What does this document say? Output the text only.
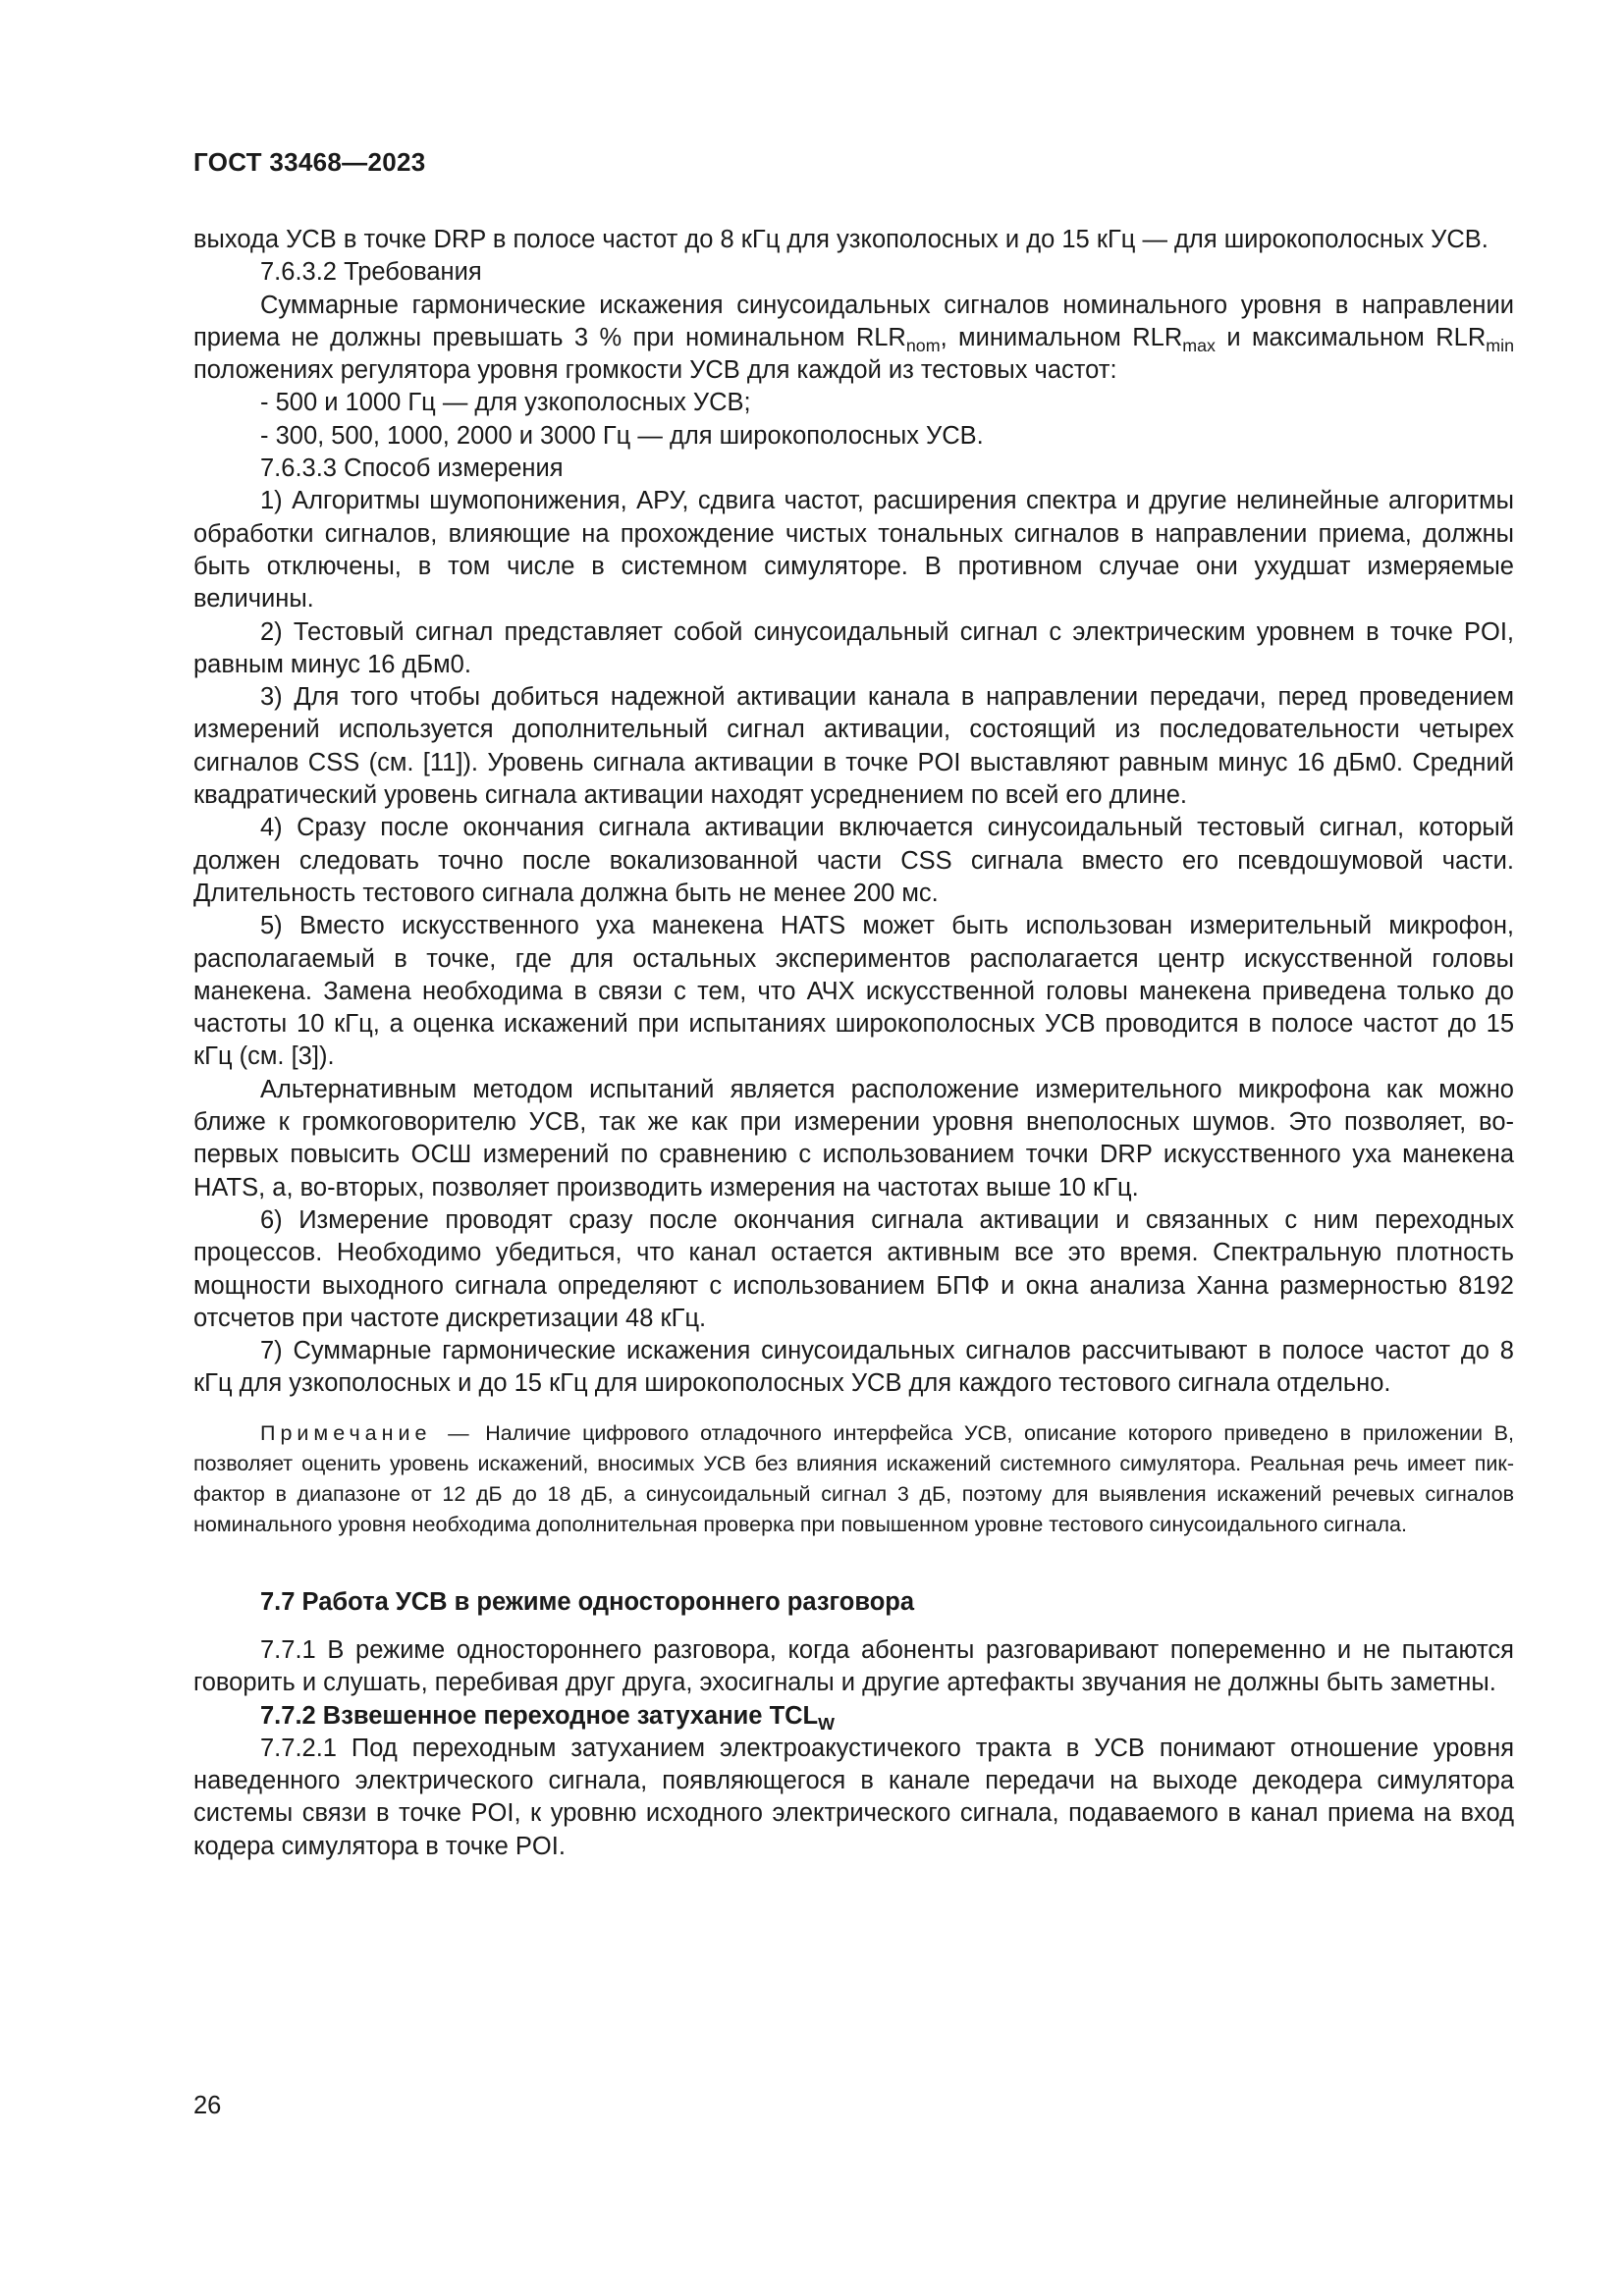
ГОСТ 33468—2023

выхода УСВ в точке DRP в полосе частот до 8 кГц для узкополосных и до 15 кГц — для широкополосных УСВ.

7.6.3.2 Требования

Суммарные гармонические искажения синусоидальных сигналов номинального уровня в направлении приема не должны превышать 3 % при номинальном $RLR_{nom}$, минимальном $RLR_{max}$ и максимальном $RLR_{min}$ положениях регулятора уровня громкости УСВ для каждой из тестовых частот:

- 500 и 1000 Гц — для узкополосных УСВ;

- 300, 500, 1000, 2000 и 3000 Гц — для широкополосных УСВ.

7.6.3.3 Способ измерения

1) Алгоритмы шумопонижения, АРУ, сдвига частот, расширения спектра и другие нелинейные алгоритмы обработки сигналов, влияющие на прохождение чистых тональных сигналов в направлении приема, должны быть отключены, в том числе в системном симуляторе. В противном случае они ухудшат измеряемые величины.

2) Тестовый сигнал представляет собой синусоидальный сигнал с электрическим уровнем в точке POI, равным минус 16 дБм0.

3) Для того чтобы добиться надежной активации канала в направлении передачи, перед проведением измерений используется дополнительный сигнал активации, состоящий из последовательности четырех сигналов CSS (см. [11]). Уровень сигнала активации в точке POI выставляют равным минус 16 дБм0. Средний квадратический уровень сигнала активации находят усреднением по всей его длине.

4) Сразу после окончания сигнала активации включается синусоидальный тестовый сигнал, который должен следовать точно после вокализованной части CSS сигнала вместо его псевдошумовой части. Длительность тестового сигнала должна быть не менее 200 мс.

5) Вместо искусственного уха манекена HATS может быть использован измерительный микрофон, располагаемый в точке, где для остальных экспериментов располагается центр искусственной головы манекена. Замена необходима в связи с тем, что АЧХ искусственной головы манекена приведена только до частоты 10 кГц, а оценка искажений при испытаниях широкополосных УСВ проводится в полосе частот до 15 кГц (см. [3]).

Альтернативным методом испытаний является расположение измерительного микрофона как можно ближе к громкоговорителю УСВ, так же как при измерении уровня внеполосных шумов. Это позволяет, во-первых повысить ОСШ измерений по сравнению с использованием точки DRP искусственного уха манекена HATS, а, во-вторых, позволяет производить измерения на частотах выше 10 кГц.

6) Измерение проводят сразу после окончания сигнала активации и связанных с ним переходных процессов. Необходимо убедиться, что канал остается активным все это время. Спектральную плотность мощности выходного сигнала определяют с использованием БПФ и окна анализа Ханна размерностью 8192 отсчетов при частоте дискретизации 48 кГц.

7) Суммарные гармонические искажения синусоидальных сигналов рассчитывают в полосе частот до 8 кГц для узкополосных и до 15 кГц для широкополосных УСВ для каждого тестового сигнала отдельно.

Примечание — Наличие цифрового отладочного интерфейса УСВ, описание которого приведено в приложении В, позволяет оценить уровень искажений, вносимых УСВ без влияния искажений системного симулятора. Реальная речь имеет пик-фактор в диапазоне от 12 дБ до 18 дБ, а синусоидальный сигнал 3 дБ, поэтому для выявления искажений речевых сигналов номинального уровня необходима дополнительная проверка при повышенном уровне тестового синусоидального сигнала.

7.7 Работа УСВ в режиме одностороннего разговора

7.7.1 В режиме одностороннего разговора, когда абоненты разговаривают попеременно и не пытаются говорить и слушать, перебивая друг друга, эхосигналы и другие артефакты звучания не должны быть заметны.

7.7.2 Взвешенное переходное затухание $TCL_W$

7.7.2.1 Под переходным затуханием электроакустичекого тракта в УСВ понимают отношение уровня наведенного электрического сигнала, появляющегося в канале передачи на выходе декодера симулятора системы связи в точке POI, к уровню исходного электрического сигнала, подаваемого в канал приема на вход кодера симулятора в точке POI.

26
